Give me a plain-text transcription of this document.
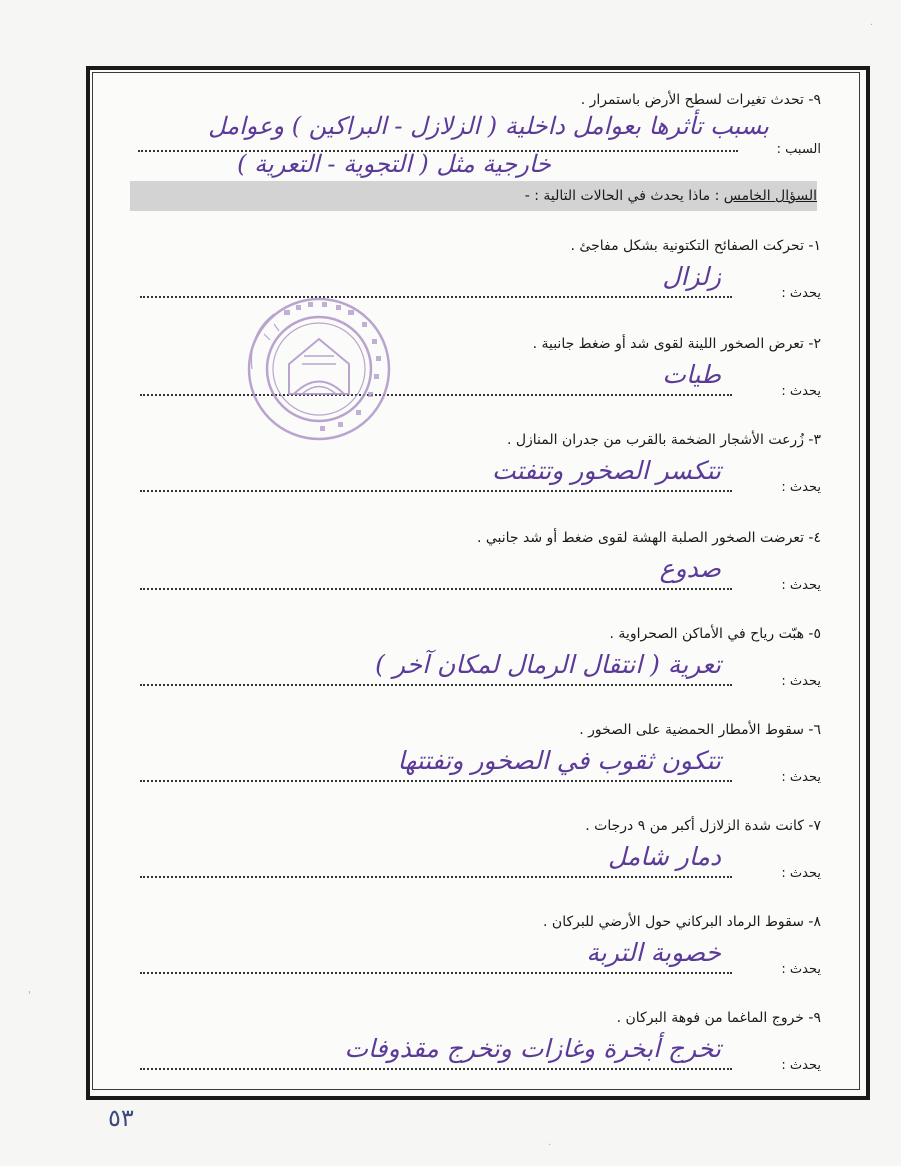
٩- تحدث تغيرات لسطح الأرض باستمرار .
السبب :
بسبب تأثرها بعوامل داخلية ( الزلازل - البراكين ) وعوامل
خارجية مثل ( التجوية - التعرية )
السؤال الخامس : ماذا يحدث في الحالات التالية : -
١- تحركت الصفائح التكتونية بشكل مفاجئ .
يحدث :
زلزال
٢- تعرض الصخور اللينة لقوى شد أو ضغط جانبية .
يحدث :
طيات
٣- زُرعت الأشجار الضخمة بالقرب من جدران المنازل .
يحدث :
تتكسر الصخور وتتفتت
٤- تعرضت الصخور الصلبة الهشة لقوى ضغط أو شد جانبي .
يحدث :
صدوع
٥- هبّت رياح في الأماكن الصحراوية .
يحدث :
تعرية ( انتقال الرمال لمكان آخر )
٦- سقوط الأمطار الحمضية على الصخور .
يحدث :
تتكون ثقوب في الصخور وتفتتها
٧- كانت شدة الزلازل أكبر من ٩ درجات .
يحدث :
دمار شامل
٨- سقوط الرماد البركاني حول الأرضي للبركان .
يحدث :
خصوبة التربة
٩- خروج الماغما من فوهة البركان .
يحدث :
تخرج أبخرة وغازات وتخرج مقذوفات
٥٣
·
·
'
